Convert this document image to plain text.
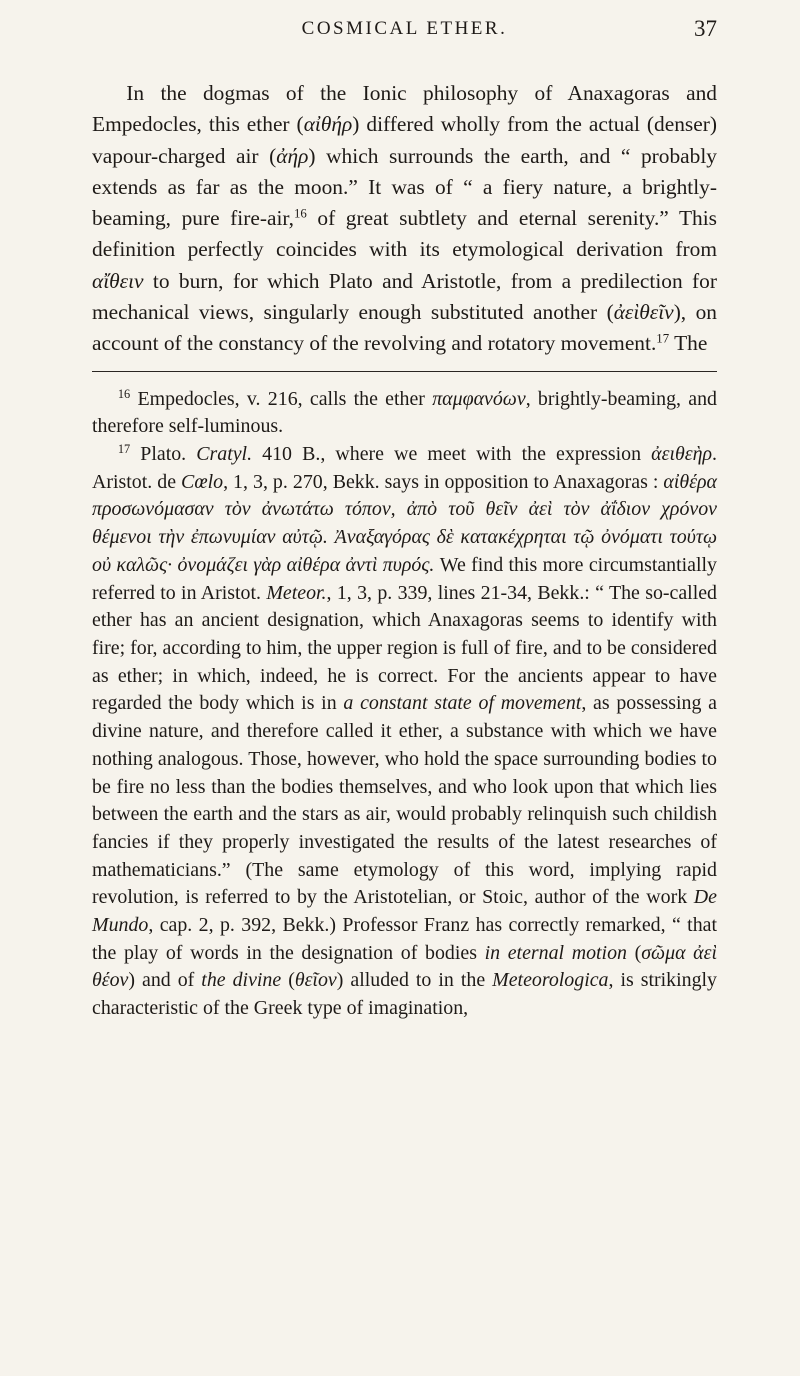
COSMICAL ETHER.	37

In the dogmas of the Ionic philosophy of Anaxagoras and Empedocles, this ether (αἰθήρ) differed wholly from the actual (denser) vapour-charged air (ἀήρ) which surrounds the earth, and “ probably extends as far as the moon.” It was of “ a fiery nature, a brightly-beaming, pure fire-air,$^{16}$ of great subtlety and eternal serenity.” This definition perfectly coincides with its etymological derivation from αἴθειν to burn, for which Plato and Aristotle, from a predilection for mechanical views, singularly enough substituted another (ἀεὶθεῖν), on account of the constancy of the revolving and rotatory movement.$^{17}$ The

$^{16}$ Empedocles, v. 216, calls the ether παμφανόων, brightly-beaming, and therefore self-luminous.

$^{17}$ Plato. Cratyl. 410 B., where we meet with the expression ἀειθεὴρ. Aristot. de Cœlo, 1, 3, p. 270, Bekk. says in opposition to Anaxagoras : αἰθέρα προσωνόμασαν τὸν ἀνωτάτω τόπον, ἀπὸ τοῦ θεῖν ἀεὶ τὸν ἀΐδιον χρόνον θέμενοι τὴν ἐπωνυμίαν αὐτῷ. Ἀναξαγόρας δὲ κατακέχρηται τῷ ὀνόματι τούτῳ οὐ καλῶς· ὀνομάζει γὰρ αἰθέρα ἀντὶ πυρός. We find this more circumstantially referred to in Aristot. Meteor., 1, 3, p. 339, lines 21-34, Bekk.: “ The so-called ether has an ancient designation, which Anaxagoras seems to identify with fire; for, according to him, the upper region is full of fire, and to be considered as ether; in which, indeed, he is correct. For the ancients appear to have regarded the body which is in a constant state of movement, as possessing a divine nature, and therefore called it ether, a substance with which we have nothing analogous. Those, however, who hold the space surrounding bodies to be fire no less than the bodies themselves, and who look upon that which lies between the earth and the stars as air, would probably relinquish such childish fancies if they properly investigated the results of the latest researches of mathematicians.” (The same etymology of this word, implying rapid revolution, is referred to by the Aristotelian, or Stoic, author of the work De Mundo, cap. 2, p. 392, Bekk.) Professor Franz has correctly remarked, “ that the play of words in the designation of bodies in eternal motion (σῶμα ἀεὶ θέον) and of the divine (θεῖον) alluded to in the Meteorologica, is strikingly characteristic of the Greek type of imagination,
